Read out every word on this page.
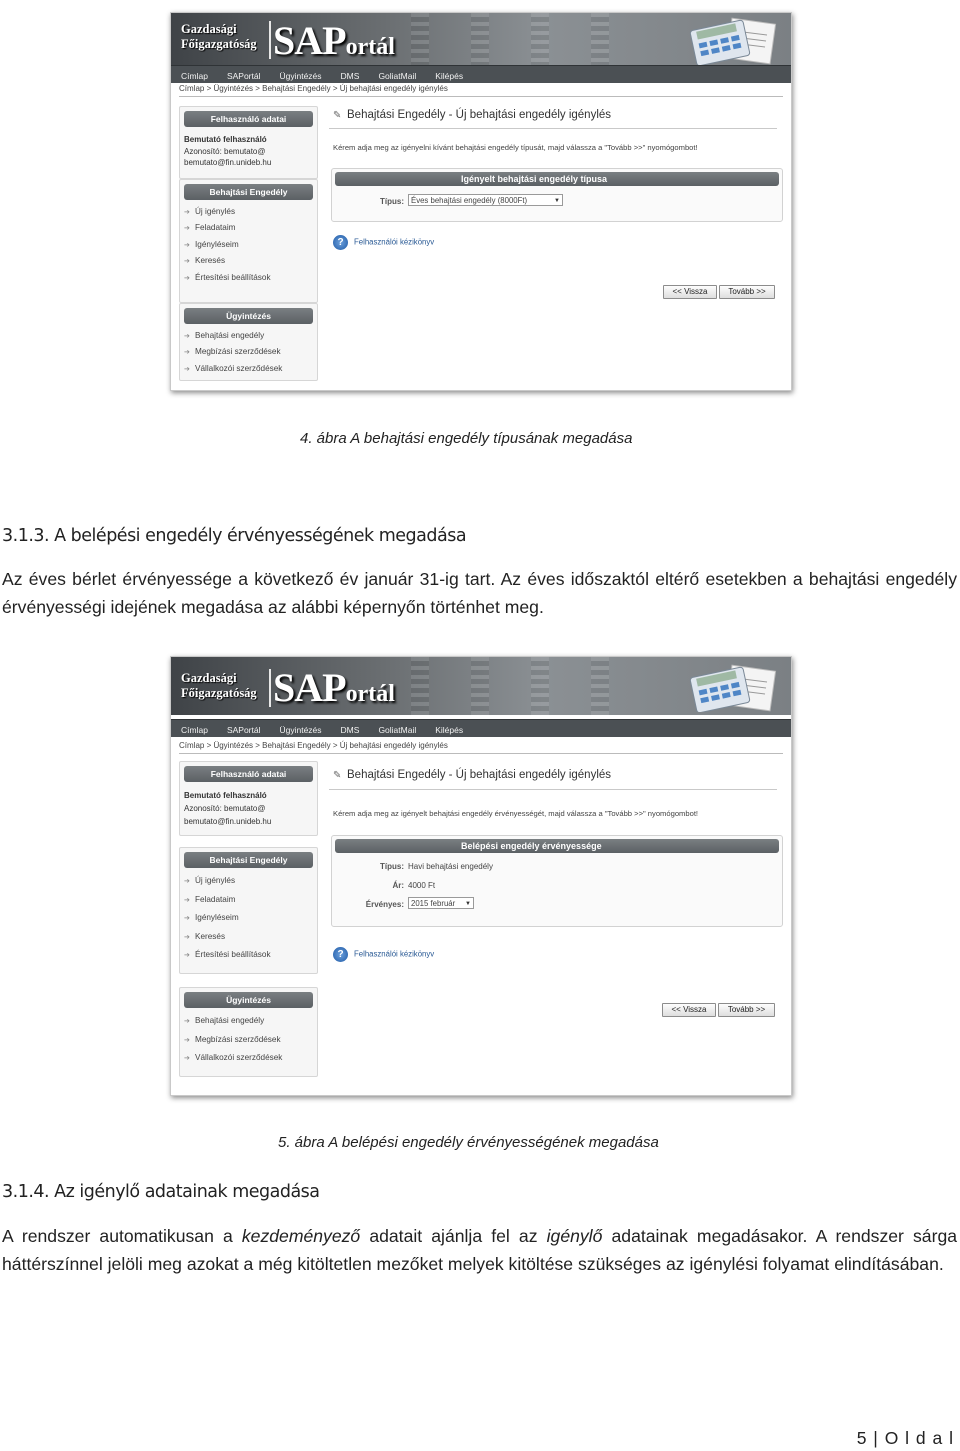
Gazdasági
Főigazgatóság SAPortál
Címlap SAPortál Ügyintézés DMS GoliatMail Kilépés
Címlap > Ügyintézés > Behajtási Engedély > Új behajtási engedély igénylés
Felhasználó adatai
Bemutató felhasználó
Azonosító: bemutato@
bemutato@fin.unideb.hu
Behajtási Engedély
➔ Új igénylés
➔ Feladataim
➔ Igényléseim
➔ Keresés
➔ Értesítési beállítások
Ügyintézés
➔ Behajtási engedély
➔ Megbízási szerződések
➔ Vállalkozói szerződések
✎ Behajtási Engedély - Új behajtási engedély igénylés
Kérem adja meg az igényelni kívánt behajtási engedély típusát, majd válassza a "Tovább >>" nyomógombot!
Igényelt behajtási engedély típusa
Típus: Éves behajtási engedély (8000Ft)	▼
? Felhasználói kézikönyv
<< Vissza	Tovább >>
4. ábra A behajtási engedély típusának megadása
3.1.3. A belépési engedély érvényességének megadása
Az éves bérlet érvényessége a következő év január 31-ig tart. Az éves időszaktól eltérő esetekben a behajtási engedély érvényességi idejének megadása az alábbi képernyőn történhet meg.
Gazdasági
Főigazgatóság SAPortál
Címlap SAPortál Ügyintézés DMS GoliatMail Kilépés
Címlap > Ügyintézés > Behajtási Engedély > Új behajtási engedély igénylés
Felhasználó adatai
Bemutató felhasználó
Azonosító: bemutato@
bemutato@fin.unideb.hu
Behajtási Engedély
➔ Új igénylés
➔ Feladataim
➔ Igényléseim
➔ Keresés
➔ Értesítési beállítások
Ügyintézés
➔ Behajtási engedély
➔ Megbízási szerződések
➔ Vállalkozói szerződések
✎ Behajtási Engedély - Új behajtási engedély igénylés
Kérem adja meg az igényelt behajtási engedély érvényességét, majd válassza a "Tovább >>" nyomógombot!
Belépési engedély érvényessége
Típus: Havi behajtási engedély
Ár: 4000 Ft
Érvényes: 2015 február ▼
? Felhasználói kézikönyv
<< Vissza	Tovább >>
5. ábra A belépési engedély érvényességének megadása
3.1.4. Az igénylő adatainak megadása
A rendszer automatikusan a kezdeményező adatait ajánlja fel az igénylő adatainak megadásakor. A rendszer sárga háttérszínnel jelöli meg azokat a még kitöltetlen mezőket melyek kitöltése szükséges az igénylési folyamat elindításában.
5 | O l d a l
